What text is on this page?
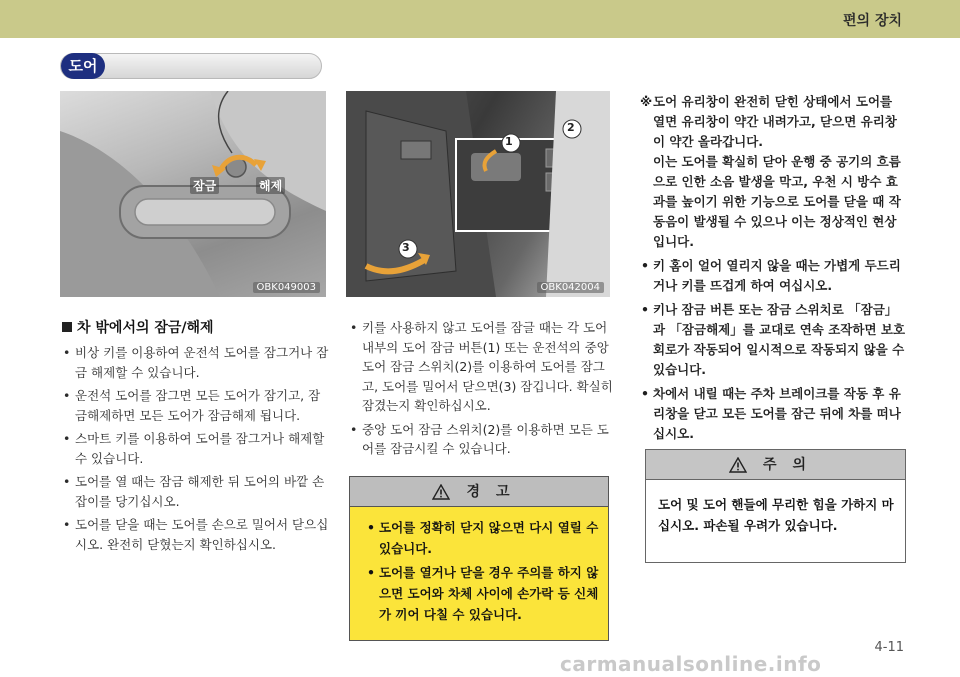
편의 장치
도어
잠금	해제
OBK049003
1
2
3
OBK042004
차 밖에서의 잠금/해제
• 비상 키를 이용하여 운전석 도어를 잠그거나 잠금 해제할 수 있습니다.
• 운전석 도어를 잠그면 모든 도어가 잠기고, 잠금해제하면 모든 도어가 잠금해제 됩니다.
• 스마트 키를 이용하여 도어를 잠그거나 해제할 수 있습니다.
• 도어를 열 때는 잠금 해제한 뒤 도어의 바깥 손잡이를 당기십시오.
• 도어를 닫을 때는 도어를 손으로 밀어서 닫으십시오. 완전히 닫혔는지 확인하십시오.
• 키를 사용하지 않고 도어를 잠글 때는 각 도어 내부의 도어 잠금 버튼(1) 또는 운전석의 중앙 도어 잠금 스위치(2)를 이용하여 도어를 잠그고, 도어를 밀어서 닫으면(3) 잠깁니다. 확실히 잠겼는지 확인하십시오.
• 중앙 도어 잠금 스위치(2)를 이용하면 모든 도어를 잠금시킬 수 있습니다.
경고
• 도어를 정확히 닫지 않으면 다시 열릴 수 있습니다.
• 도어를 열거나 닫을 경우 주의를 하지 않으면 도어와 차체 사이에 손가락 등 신체가 끼어 다칠 수 있습니다.
※ 도어 유리창이 완전히 닫힌 상태에서 도어를 열면 유리창이 약간 내려가고, 닫으면 유리창이 약간 올라갑니다.

이는 도어를 확실히 닫아 운행 중 공기의 흐름으로 인한 소음 발생을 막고, 우천 시 방수 효과를 높이기 위한 기능으로 도어를 닫을 때 작동음이 발생될 수 있으나 이는 정상적인 현상입니다.

• 키 홈이 얼어 열리지 않을 때는 가볍게 두드리거나 키를 뜨겁게 하여 여십시오.
• 키나 잠금 버튼 또는 잠금 스위치로 「잠금」과 「잠금해제」를 교대로 연속 조작하면 보호회로가 작동되어 일시적으로 작동되지 않을 수 있습니다.
• 차에서 내릴 때는 주차 브레이크를 작동 후 유리창을 닫고 모든 도어를 잠근 뒤에 차를 떠나십시오.
주의
도어 및 도어 핸들에 무리한 힘을 가하지 마십시오. 파손될 우려가 있습니다.
4-11
carmanualsonline.info
